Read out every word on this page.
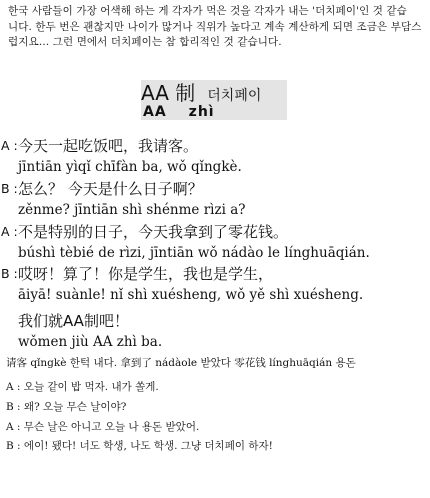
한국 사람들이 가장 어색해 하는 게 각자가 먹은 것을 각자가 내는 '더치페이'인 것 같습
니다. 한두 번은 괜찮지만 나이가 많거나 직위가 높다고 계속 계산하게 되면 조금은 부담스
럽지요… 그런 면에서 더치페이는 참 합리적인 것 같습니다.
AA 制 더치페이
AA zhì
A : 今天一起吃饭吧，我请客。
jīntiān yìqǐ chīfàn ba, wǒ qǐngkè.
B : 怎么？ 今天是什么日子啊？
zěnme? jīntiān shì shénme rìzi a?
A : 不是特别的日子，今天我拿到了零花钱。
búshì tèbié de rìzi, jīntiān wǒ nádào le línghuāqián.
B : 哎呀！算了！你是学生，我也是学生，
āiyā! suànle! nǐ shì xuésheng, wǒ yě shì xuésheng.
我们就AA制吧！
wǒmen jiù AA zhì ba.
请客 qǐngkè 한턱 내다. 拿到了 nádàole 받았다 零花钱 línghuāqián 용돈
A : 오늘 같이 밥 먹자. 내가 쏠게.
B : 왜? 오늘 무슨 날이야?
A : 무슨 날은 아니고 오늘 나 용돈 받았어.
B : 에이! 됐다! 너도 학생, 나도 학생. 그냥 더치페이 하자!
